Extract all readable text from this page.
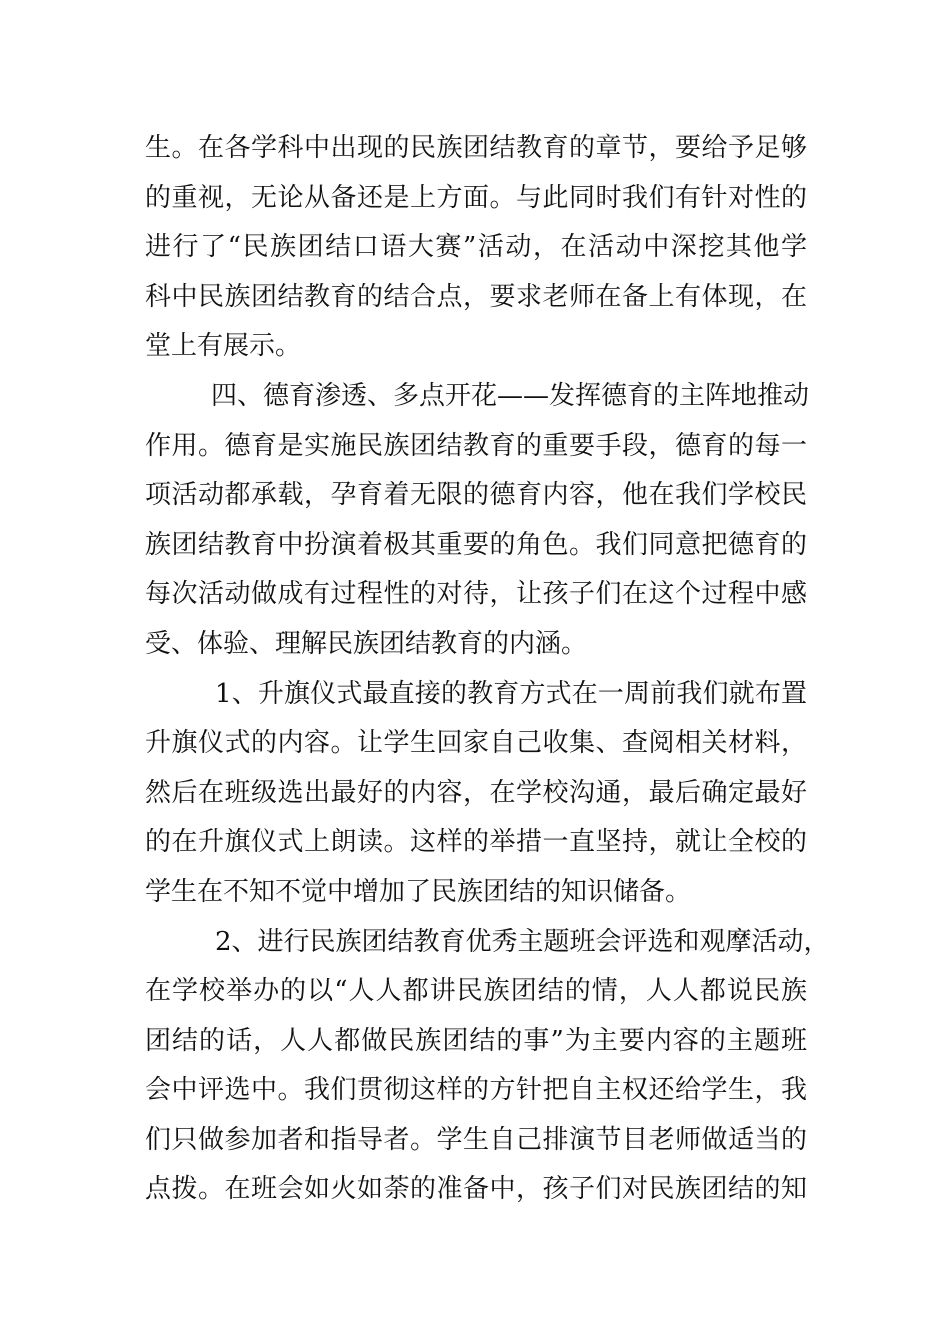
生。在各学科中出现的民族团结教育的章节，要给予足够
的重视，无论从备还是上方面。与此同时我们有针对性的
进行了“民族团结口语大赛”活动，在活动中深挖其他学
科中民族团结教育的结合点，要求老师在备上有体现，在
堂上有展示。
四、德育渗透、多点开花——发挥德育的主阵地推动
作用。德育是实施民族团结教育的重要手段，德育的每一
项活动都承载，孕育着无限的德育内容，他在我们学校民
族团结教育中扮演着极其重要的角色。我们同意把德育的
每次活动做成有过程性的对待，让孩子们在这个过程中感
受、体验、理解民族团结教育的内涵。
1、升旗仪式最直接的教育方式在一周前我们就布置
升旗仪式的内容。让学生回家自己收集、查阅相关材料，
然后在班级选出最好的内容，在学校沟通，最后确定最好
的在升旗仪式上朗读。这样的举措一直坚持，就让全校的
学生在不知不觉中增加了民族团结的知识储备。
2、进行民族团结教育优秀主题班会评选和观摩活动，
在学校举办的以“人人都讲民族团结的情，人人都说民族
团结的话，人人都做民族团结的事”为主要内容的主题班
会中评选中。我们贯彻这样的方针把自主权还给学生，我
们只做参加者和指导者。学生自己排演节目老师做适当的
点拨。在班会如火如荼的准备中，孩子们对民族团结的知
